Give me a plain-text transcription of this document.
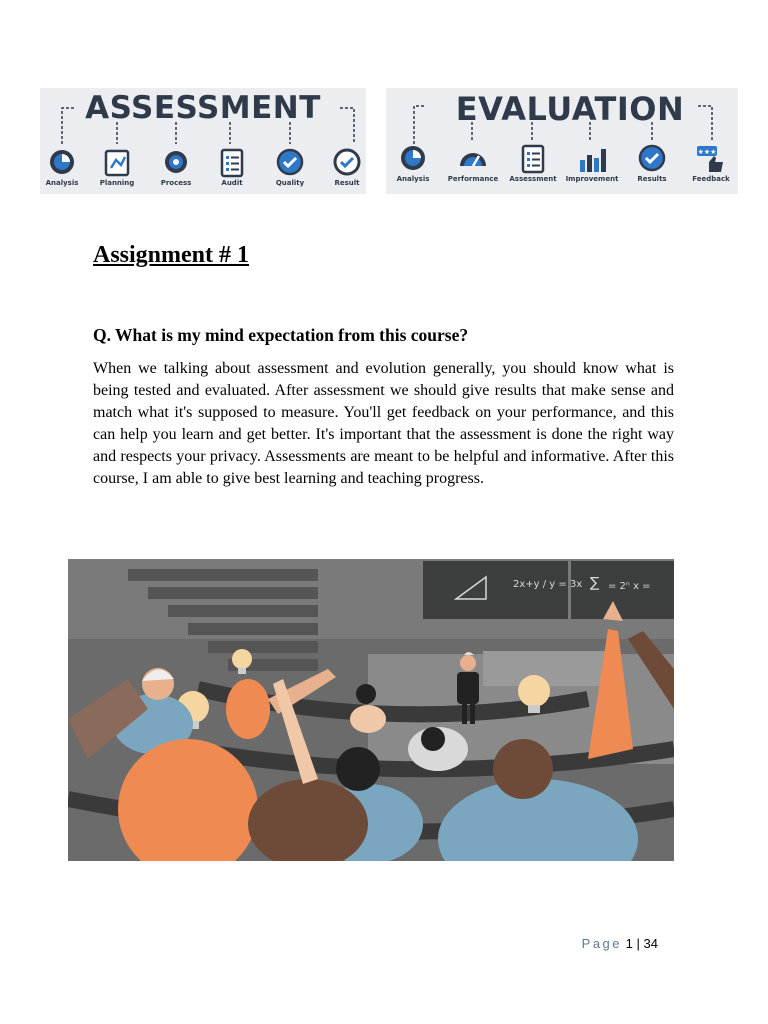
ASSESSMENT
Analysis	Planning	Process	Audit	Quality	Result
EVALUATION
Analysis	Performance	Assessment	Improvement	Results
★★★
Feedback
Assignment # 1
Q. What is my mind expectation from this course?

When we talking about assessment and evolution generally, you should know what is being tested and evaluated. After assessment we should give results that make sense and match what it's supposed to measure. You'll get feedback on your performance, and this can help you learn and get better. It's important that the assessment is done the right way and respects your privacy. Assessments are meant to be helpful and informative. After this course, I am able to give best learning and teaching progress.

2x+y / y = 3x ∑ = 2ⁿ x =
Page 1 | 34
